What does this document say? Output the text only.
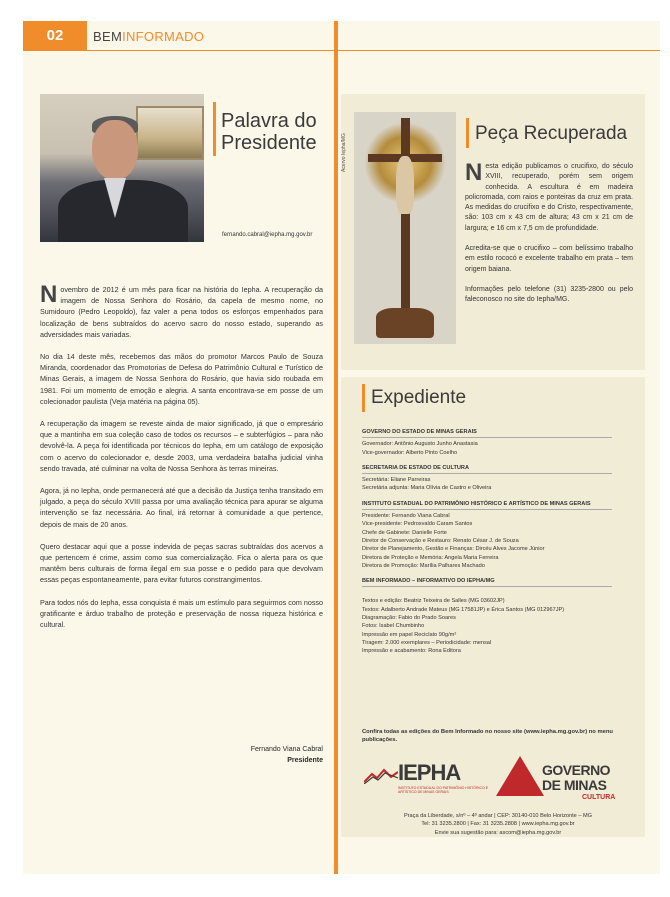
02	BEMINFORMADO
Palavra do
Presidente
fernando.cabral@iepha.mg.gov.br

Novembro de 2012 é um mês para ficar na história do Iepha. A recuperação da imagem de Nossa Senhora do Rosário, da capela de mesmo nome, no Sumidouro (Pedro Leopoldo), faz valer a pena todos os esforços empenhados para localização de bens subtraídos do acervo sacro do nosso estado, superando as adversidades mais variadas.

No dia 14 deste mês, recebemos das mãos do promotor Marcos Paulo de Souza Miranda, coordenador das Promotorias de Defesa do Patrimônio Cultural e Turístico de Minas Gerais, a imagem de Nossa Senhora do Rosário, que havia sido roubada em 1981. Foi um momento de emoção e alegria. A santa encontrava-se em posse de um colecionador paulista (Veja matéria na página 05).

A recuperação da imagem se reveste ainda de maior significado, já que o empresário que a mantinha em sua coleção caso de todos os recursos – e subterfúgios – para não devolvê-la. A peça foi identificada por técnicos do Iepha, em um catálogo de exposição com o acervo do colecionador e, desde 2003, uma verdadeira batalha judicial vinha sendo travada, até culminar na volta de Nossa Senhora às terras mineiras.

Agora, já no Iepha, onde permanecerá até que a decisão da Justiça tenha transitado em julgado, a peça do século XVIII passa por uma avaliação técnica para apurar se alguma intervenção se faz necessária. Ao final, irá retornar à comunidade a que pertence, depois de mais de 20 anos.

Quero destacar aqui que a posse indevida de peças sacras subtraídas dos acervos a que pertencem é crime, assim como sua comercialização. Fica o alerta para os que mantêm bens culturais de forma ilegal em sua posse e o pedido para que devolvam essas peças espontaneamente, para evitar futuros constrangimentos.

Para todos nós do Iepha, essa conquista é mais um estímulo para seguirmos com nosso gratificante e árduo trabalho de proteção e preservação de nossa riqueza histórica e cultural.

Fernando Viana Cabral
Presidente
Acervo Iepha/MG	Peça Recuperada

Nesta edição publicamos o crucifixo, do século XVIII, recuperado, porém sem origem conhecida. A escultura é em madeira policromada, com raios e ponteiras da cruz em prata. As medidas do crucifixo e do Cristo, respectivamente, são: 103 cm x 43 cm de altura; 43 cm x 21 cm de largura; e 16 cm x 7,5 cm de profundidade.

Acredita-se que o crucifixo – com belíssimo trabalho em estilo rococó e excelente trabalho em prata – tem origem baiana.

Informações pelo telefone (31) 3235-2800 ou pelo faleconosco no site do Iepha/MG.

Expediente
GOVERNO DO ESTADO DE MINAS GERAIS
Governador: Antônio Augusto Junho Anastasia
Vice-governador: Alberto Pinto Coelho
SECRETARIA DE ESTADO DE CULTURA
Secretária: Eliane Parreiras
Secretária adjunta: Maria Olívia de Castro e Oliveira
INSTITUTO ESTADUAL DO PATRIMÔNIO HISTÓRICO E ARTÍSTICO DE MINAS GERAIS
Presidente: Fernando Viana Cabral
Vice-presidente: Pedrosvaldo Caram Santos
Chefe de Gabinete: Danielle Forte
Diretor de Conservação e Restauro: Renato César J. de Souza
Diretor de Planejamento, Gestão e Finanças: Dircéu Alves Jacome Júnior
Diretora de Proteção e Memória: Angela Maria Ferreira
Diretora de Promoção: Marília Palhares Machado
BEM INFORMADO – INFORMATIVO DO IEPHA/MG
Textos e edição: Beatriz Teixeira de Salles (MG 03602JP)
Textos: Adalberto Andrade Mateus (MG 17581JP) e Érica Santos (MG 012967JP)
Diagramação: Fabio do Prado Soares
Fotos: Isabel Chumbinho
Impressão em papel Reciclato 90g/m²
Tiragem: 2.000 exemplares – Periodicidade: mensal
Impressão e acabamento: Rona Editora
Confira todas as edições do Bem Informado no nosso site (www.iepha.mg.gov.br) no menu publicações.
IEPHA
INSTITUTO ESTADUAL DO PATRIMÔNIO HISTÓRICO E ARTÍSTICO DE MINAS GERAIS
GOVERNO
DE MINAS
CULTURA
Praça da Liberdade, s/nº – 4º andar | CEP: 30140-010 Belo Horizonte – MG
Tel: 31 3235.2800 | Fax: 31 3235.2808 | www.iepha.mg.gov.br
Envie sua sugestão para: ascom@iepha.mg.gov.br
